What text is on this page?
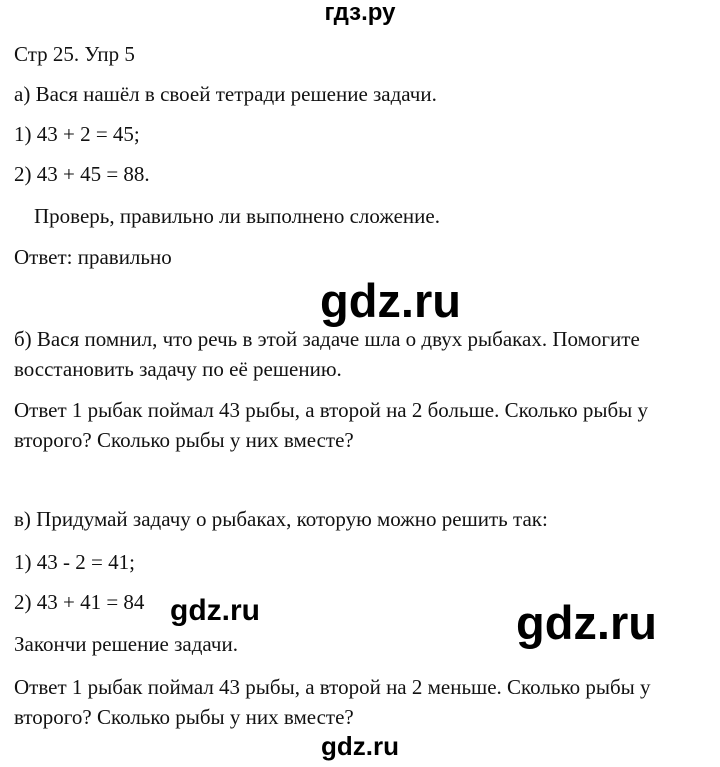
гдз.ру
Стр 25. Упр 5
а) Вася нашёл в своей тетради решение задачи.
1) 43 + 2 = 45;
2) 43 + 45 = 88.
Проверь, правильно ли выполнено сложение.
Ответ: правильно
gdz.ru
б) Вася помнил, что речь в этой задаче шла о двух рыбаках. Помогите восстановить задачу по её решению.
Ответ 1 рыбак поймал 43 рыбы, а второй на 2 больше. Сколько рыбы у второго? Сколько рыбы у них вместе?
в) Придумай задачу о рыбаках, которую можно решить так:
1) 43 - 2 = 41;
2) 43 + 41 = 84 gdz.ru	gdz.ru
Закончи решение задачи.
Ответ 1 рыбак поймал 43 рыбы, а второй на 2 меньше. Сколько рыбы у второго? Сколько рыбы у них вместе?
gdz.ru
